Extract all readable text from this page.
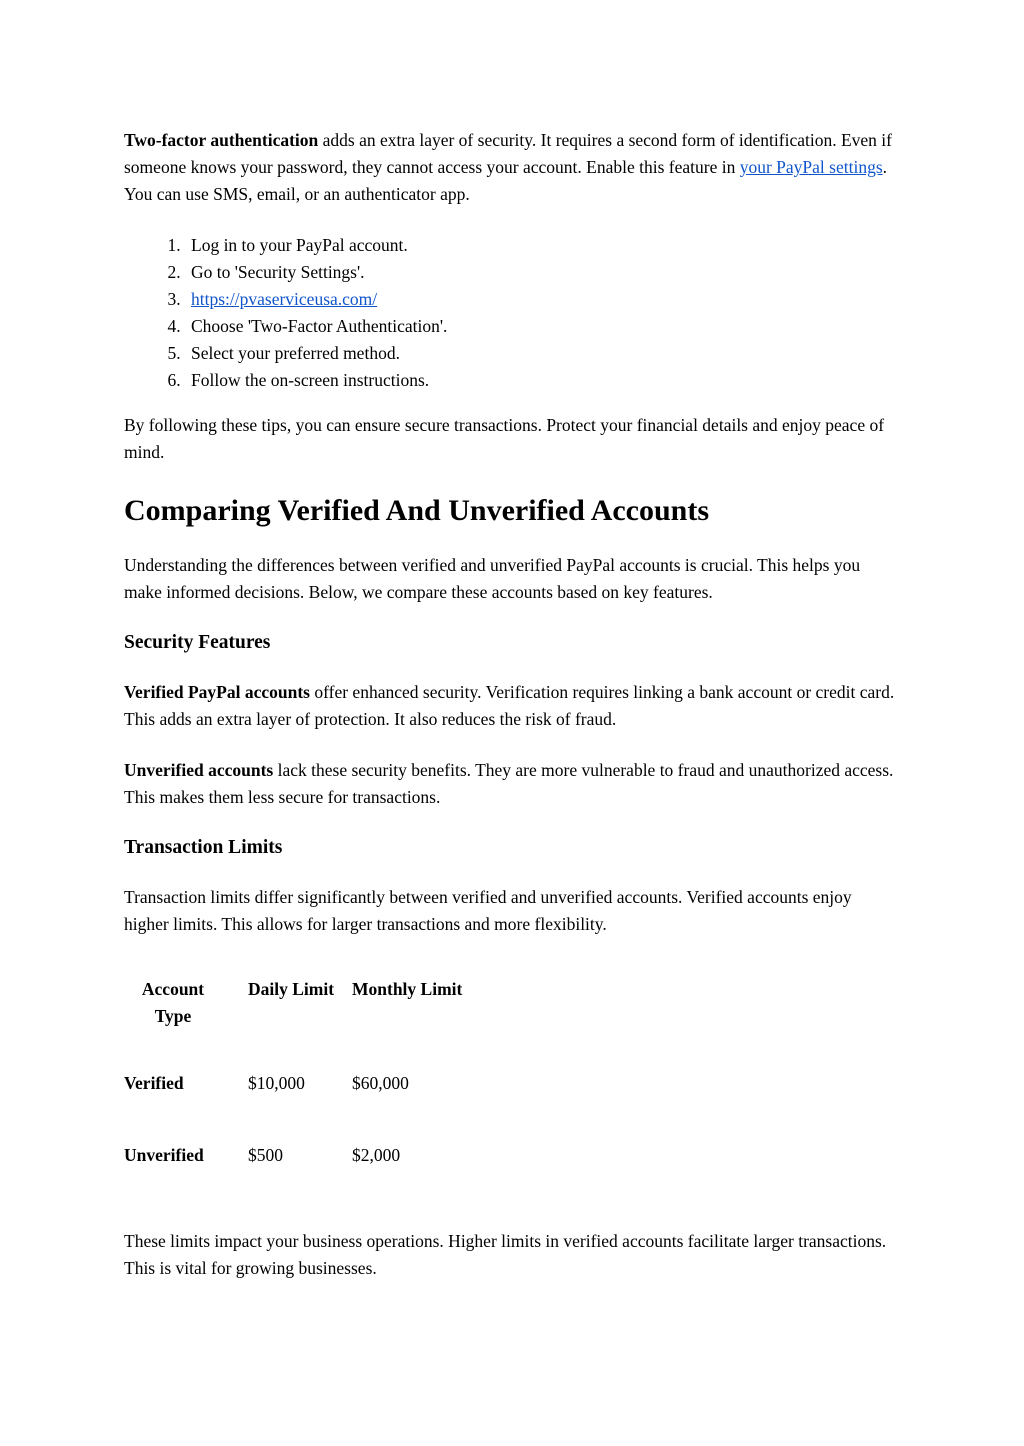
Two-factor authentication adds an extra layer of security. It requires a second form of identification. Even if someone knows your password, they cannot access your account. Enable this feature in your PayPal settings. You can use SMS, email, or an authenticator app.

1. Log in to your PayPal account.
2. Go to 'Security Settings'.
3. https://pvaserviceusa.com/
4. Choose 'Two-Factor Authentication'.
5. Select your preferred method.
6. Follow the on-screen instructions.

By following these tips, you can ensure secure transactions. Protect your financial details and enjoy peace of mind.

Comparing Verified And Unverified Accounts

Understanding the differences between verified and unverified PayPal accounts is crucial. This helps you make informed decisions. Below, we compare these accounts based on key features.

Security Features

Verified PayPal accounts offer enhanced security. Verification requires linking a bank account or credit card. This adds an extra layer of protection. It also reduces the risk of fraud.

Unverified accounts lack these security benefits. They are more vulnerable to fraud and unauthorized access. This makes them less secure for transactions.

Transaction Limits

Transaction limits differ significantly between verified and unverified accounts. Verified accounts enjoy higher limits. This allows for larger transactions and more flexibility.

Account Type	Daily Limit	Monthly Limit
Verified	$10,000	$60,000
Unverified	$500	$2,000

These limits impact your business operations. Higher limits in verified accounts facilitate larger transactions. This is vital for growing businesses.
